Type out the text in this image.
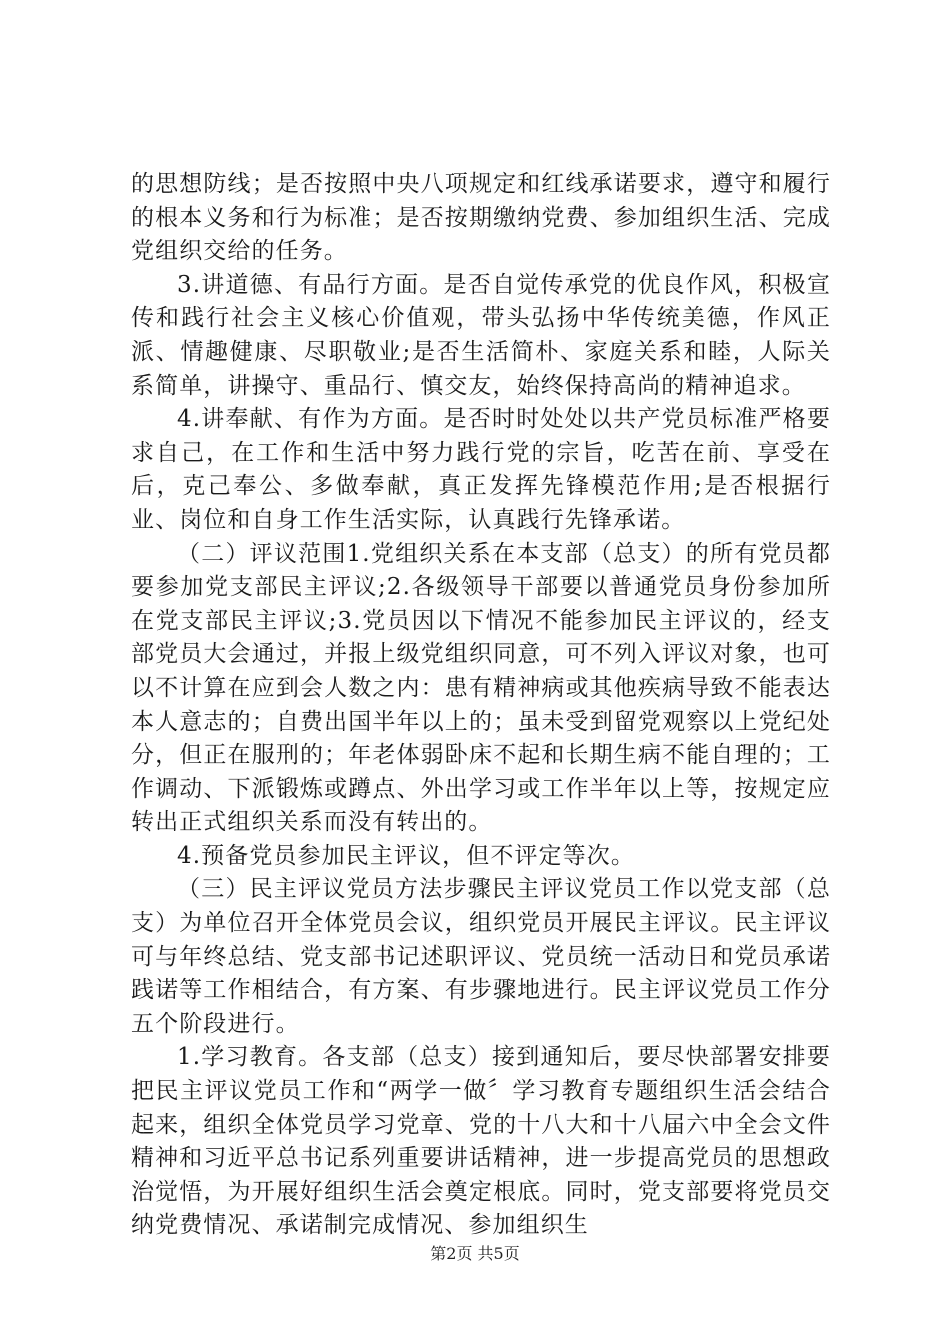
的思想防线；是否按照中央八项规定和红线承诺要求，遵守和履行的根本义务和行为标准；是否按期缴纳党费、参加组织生活、完成党组织交给的任务。

3.讲道德、有品行方面。是否自觉传承党的优良作风，积极宣传和践行社会主义核心价值观，带头弘扬中华传统美德，作风正派、情趣健康、尽职敬业;是否生活简朴、家庭关系和睦，人际关系简单，讲操守、重品行、慎交友，始终保持高尚的精神追求。

4.讲奉献、有作为方面。是否时时处处以共产党员标准严格要求自己，在工作和生活中努力践行党的宗旨，吃苦在前、享受在后，克己奉公、多做奉献，真正发挥先锋模范作用;是否根据行业、岗位和自身工作生活实际，认真践行先锋承诺。

（二）评议范围1.党组织关系在本支部（总支）的所有党员都要参加党支部民主评议;2.各级领导干部要以普通党员身份参加所在党支部民主评议;3.党员因以下情况不能参加民主评议的，经支部党员大会通过，并报上级党组织同意，可不列入评议对象，也可以不计算在应到会人数之内：患有精神病或其他疾病导致不能表达本人意志的；自费出国半年以上的；虽未受到留党观察以上党纪处分，但正在服刑的；年老体弱卧床不起和长期生病不能自理的；工作调动、下派锻炼或蹲点、外出学习或工作半年以上等，按规定应转出正式组织关系而没有转出的。

4.预备党员参加民主评议，但不评定等次。

（三）民主评议党员方法步骤民主评议党员工作以党支部（总支）为单位召开全体党员会议，组织党员开展民主评议。民主评议可与年终总结、党支部书记述职评议、党员统一活动日和党员承诺践诺等工作相结合，有方案、有步骤地进行。民主评议党员工作分五个阶段进行。

1.学习教育。各支部（总支）接到通知后，要尽快部署安排要把民主评议党员工作和“两学一做〞学习教育专题组织生活会结合起来，组织全体党员学习党章、党的十八大和十八届六中全会文件精神和习近平总书记系列重要讲话精神，进一步提高党员的思想政治觉悟，为开展好组织生活会奠定根底。同时，党支部要将党员交纳党费情况、承诺制完成情况、参加组织生

第2页 共5页
